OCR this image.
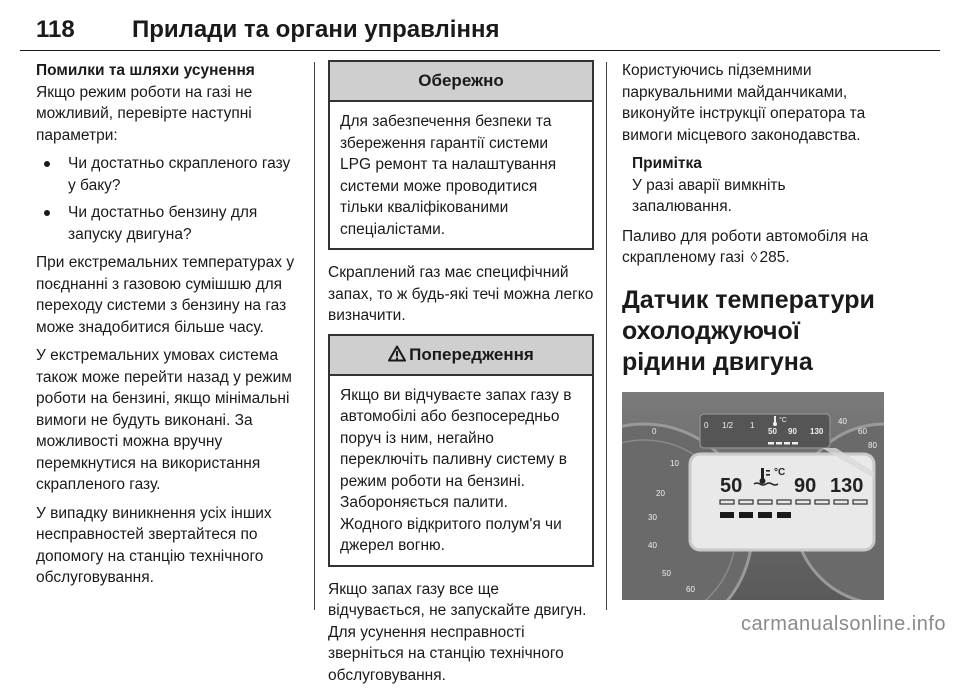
118 Прилади та органи управління

Помилки та шляхи усунення

Якщо режим роботи на газі не можливий, перевірте наступні параметри:

Чи достатньо скрапленого газу у баку?
Чи достатньо бензину для запуску двигуна?

При екстремальних температурах у поєднанні з газовою сумішшю для переходу системи з бензину на газ може знадобитися більше часу.

У екстремальних умовах система також може перейти назад у режим роботи на бензині, якщо мінімальні вимоги не будуть виконані. За можливості можна вручну перемкнутися на використання скрапленого газу.

У випадку виникнення усіх інших несправностей звертайтеся по допомогу на станцію технічного обслуговування.

Обережно
Для забезпечення безпеки та збереження гарантії системи LPG ремонт та налаштування системи може проводитися тільки кваліфікованими спеціалістами.

Скраплений газ має специфічний запах, то ж будь-які течі можна легко визначити.

Попередження
Якщо ви відчуваєте запах газу в автомобілі або безпосередньо поруч із ним, негайно переключіть паливну систему в режим роботи на бензині.
Забороняється палити.
Жодного відкритого полум'я чи джерел вогню.

Якщо запах газу все ще відчувається, не запускайте двигун. Для усунення несправності зверніться на станцію технічного обслуговування.

Користуючись підземними паркувальними майданчиками, виконуйте інструкції оператора та вимоги місцевого законодавства.

Примітка
У разі аварії вимкніть запалювання.

Паливо для роботи автомобіля на скрапленому газі ◊ 285.

Датчик температури охолоджуючої рідини двигуна
0
10
20
30
40
50
60
40
60
80
0 1/2 1
50 90 130
50	90 130
°C
°C
carmanualsonline.info
